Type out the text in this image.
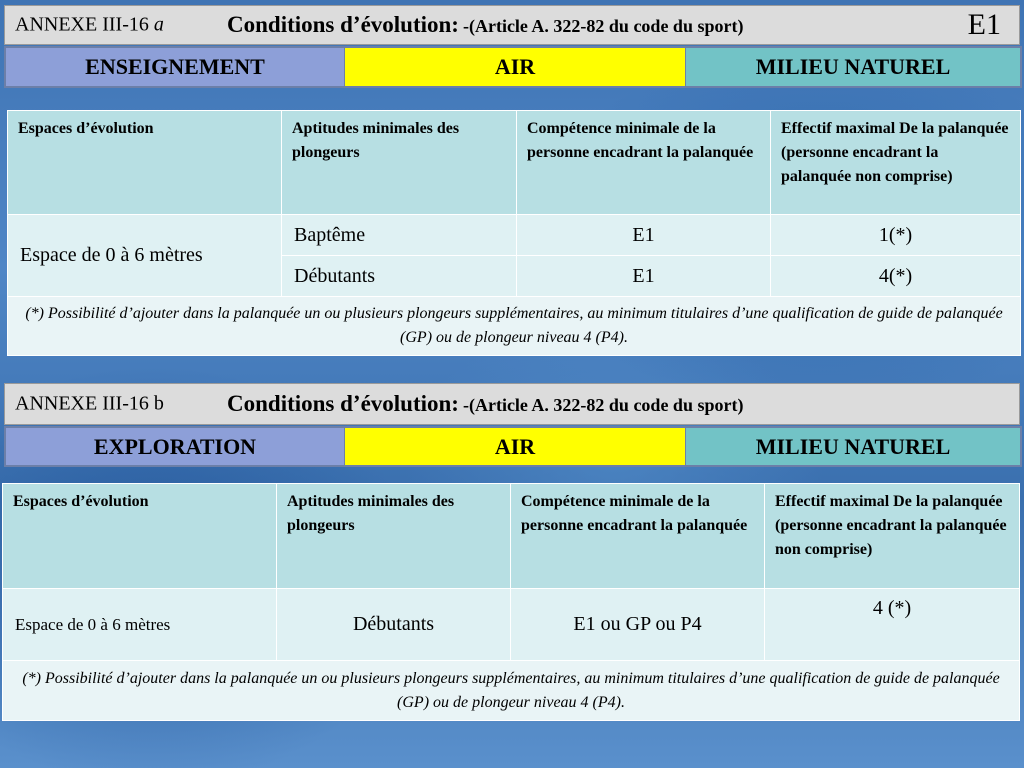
ANNEXE III-16 a	Conditions d’évolution: -(Article A. 322-82 du code du sport)	E1
ENSEIGNEMENT	AIR	MILIEU NATUREL
Espaces d’évolution	Aptitudes minimales des plongeurs	Compétence minimale de la personne encadrant la palanquée	Effectif maximal De la palanquée (personne encadrant la palanquée non comprise)
Espace de 0 à 6 mètres	Baptême	E1	1(*)
	Débutants	E1	4(*)
(*) Possibilité d’ajouter dans la palanquée un ou plusieurs plongeurs supplémentaires, au minimum titulaires d’une qualification de guide de palanquée (GP) ou de plongeur niveau 4 (P4).			
ANNEXE III-16 b	Conditions d’évolution: -(Article A. 322-82 du code du sport)
EXPLORATION	AIR	MILIEU NATUREL
Espaces d’évolution	Aptitudes minimales des plongeurs	Compétence minimale de la personne encadrant la palanquée	Effectif maximal De la palanquée (personne encadrant la palanquée non comprise)
Espace de 0 à 6 mètres	Débutants	E1 ou GP ou P4	4 (*)
(*) Possibilité d’ajouter dans la palanquée un ou plusieurs plongeurs supplémentaires, au minimum titulaires d’une qualification de guide de palanquée (GP) ou de plongeur niveau 4 (P4).			
